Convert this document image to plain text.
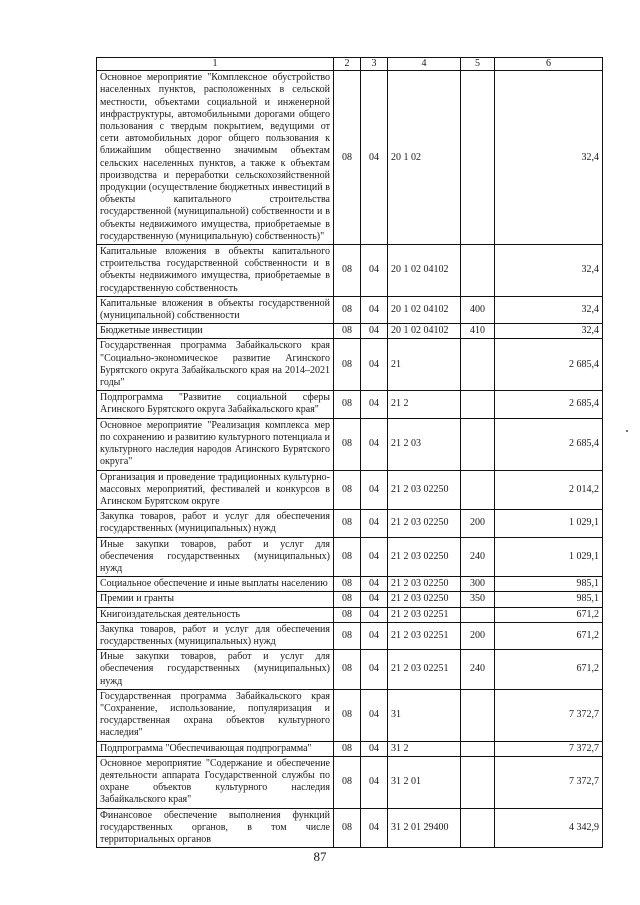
1	2	3	4	5	6
Основное мероприятие "Комплексное обустройство населенных пунктов, расположенных в сельской местности, объектами социальной и инженерной инфраструктуры, автомобильными дорогами общего пользования с твердым покрытием, ведущими от сети автомобильных дорог общего пользования к ближайшим общественно значимым объектам сельских населенных пунктов, а также к объектам производства и переработки сельскохозяйственной продукции (осуществление бюджетных инвестиций в объекты капитального строительства государственной (муниципальной) собственности и в объекты недвижимого имущества, приобретаемые в государственную (муниципальную) собственность)"	08	04	20 1 02		32,4
Капитальные вложения в объекты капитального строительства государственной собственности и в объекты недвижимого имущества, приобретаемые в государственную собственность	08	04	20 1 02 04102		32,4
Капитальные вложения в объекты государственной (муниципальной) собственности	08	04	20 1 02 04102	400	32,4
Бюджетные инвестиции	08	04	20 1 02 04102	410	32,4
Государственная программа Забайкальского края "Социально-экономическое развитие Агинского Бурятского округа Забайкальского края на 2014–2021 годы"	08	04	21		2 685,4
Подпрограмма "Развитие социальной сферы Агинского Бурятского округа Забайкальского края"	08	04	21 2		2 685,4
Основное мероприятие "Реализация комплекса мер по сохранению и развитию культурного потенциала и культурного наследия народов Агинского Бурятского округа"	08	04	21 2 03		2 685,4
Организация и проведение традиционных культурно-массовых мероприятий, фестивалей и конкурсов в Агинском Бурятском округе	08	04	21 2 03 02250		2 014,2
Закупка товаров, работ и услуг для обеспечения государственных (муниципальных) нужд	08	04	21 2 03 02250	200	1 029,1
Иные закупки товаров, работ и услуг для обеспечения государственных (муниципальных) нужд	08	04	21 2 03 02250	240	1 029,1
Социальное обеспечение и иные выплаты населению	08	04	21 2 03 02250	300	985,1
Премии и гранты	08	04	21 2 03 02250	350	985,1
Книгоиздательская деятельность	08	04	21 2 03 02251		671,2
Закупка товаров, работ и услуг для обеспечения государственных (муниципальных) нужд	08	04	21 2 03 02251	200	671,2
Иные закупки товаров, работ и услуг для обеспечения государственных (муниципальных) нужд	08	04	21 2 03 02251	240	671,2
Государственная программа Забайкальского края "Сохранение, использование, популяризация и государственная охрана объектов культурного наследия"	08	04	31		7 372,7
Подпрограмма "Обеспечивающая подпрограмма"	08	04	31 2		7 372,7
Основное мероприятие "Содержание и обеспечение деятельности аппарата Государственной службы по охране объектов культурного наследия Забайкальского края"	08	04	31 2 01		7 372,7
Финансовое обеспечение выполнения функций государственных органов, в том числе территориальных органов	08	04	31 2 01 29400		4 342,9
87
